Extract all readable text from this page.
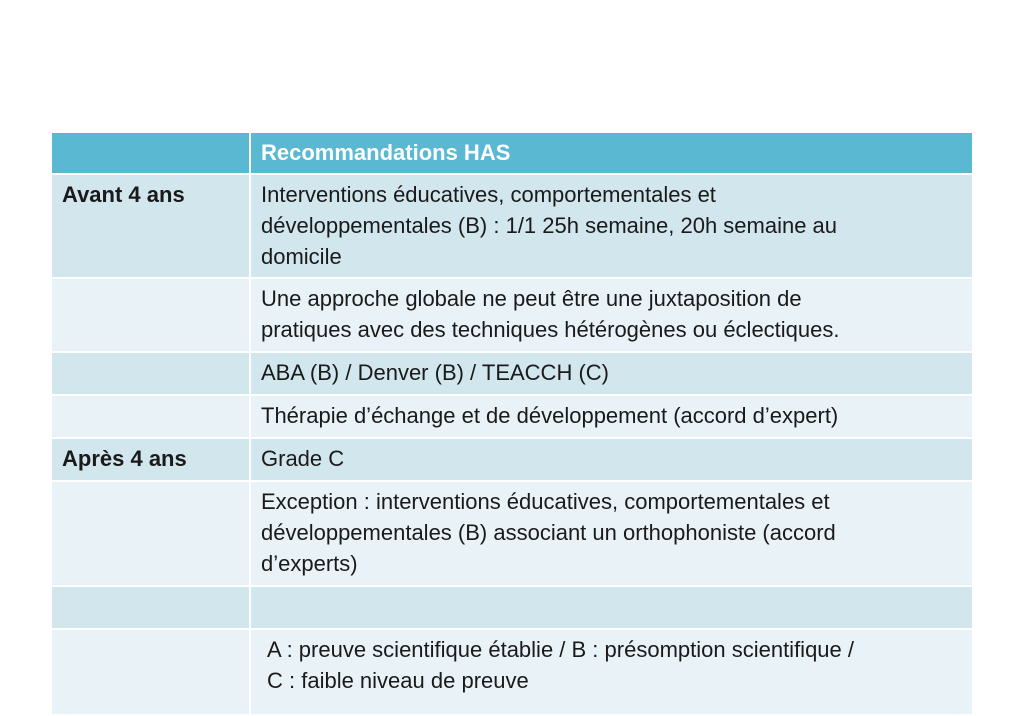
	Recommandations HAS
Avant 4 ans	Interventions éducatives, comportementales et
développementales (B) : 1/1 25h semaine, 20h semaine au
domicile

	Une approche globale ne peut être une juxtaposition de
pratiques avec des techniques hétérogènes ou éclectiques.

	ABA (B) / Denver (B) / TEACCH (C)

	Thérapie d’échange et de développement (accord d’expert)

Après 4 ans	Grade C

	Exception : interventions éducatives, comportementales et
développementales (B) associant un orthophoniste (accord
d’experts)

	A : preuve scientifique établie / B : présomption scientifique /
C : faible niveau de preuve
